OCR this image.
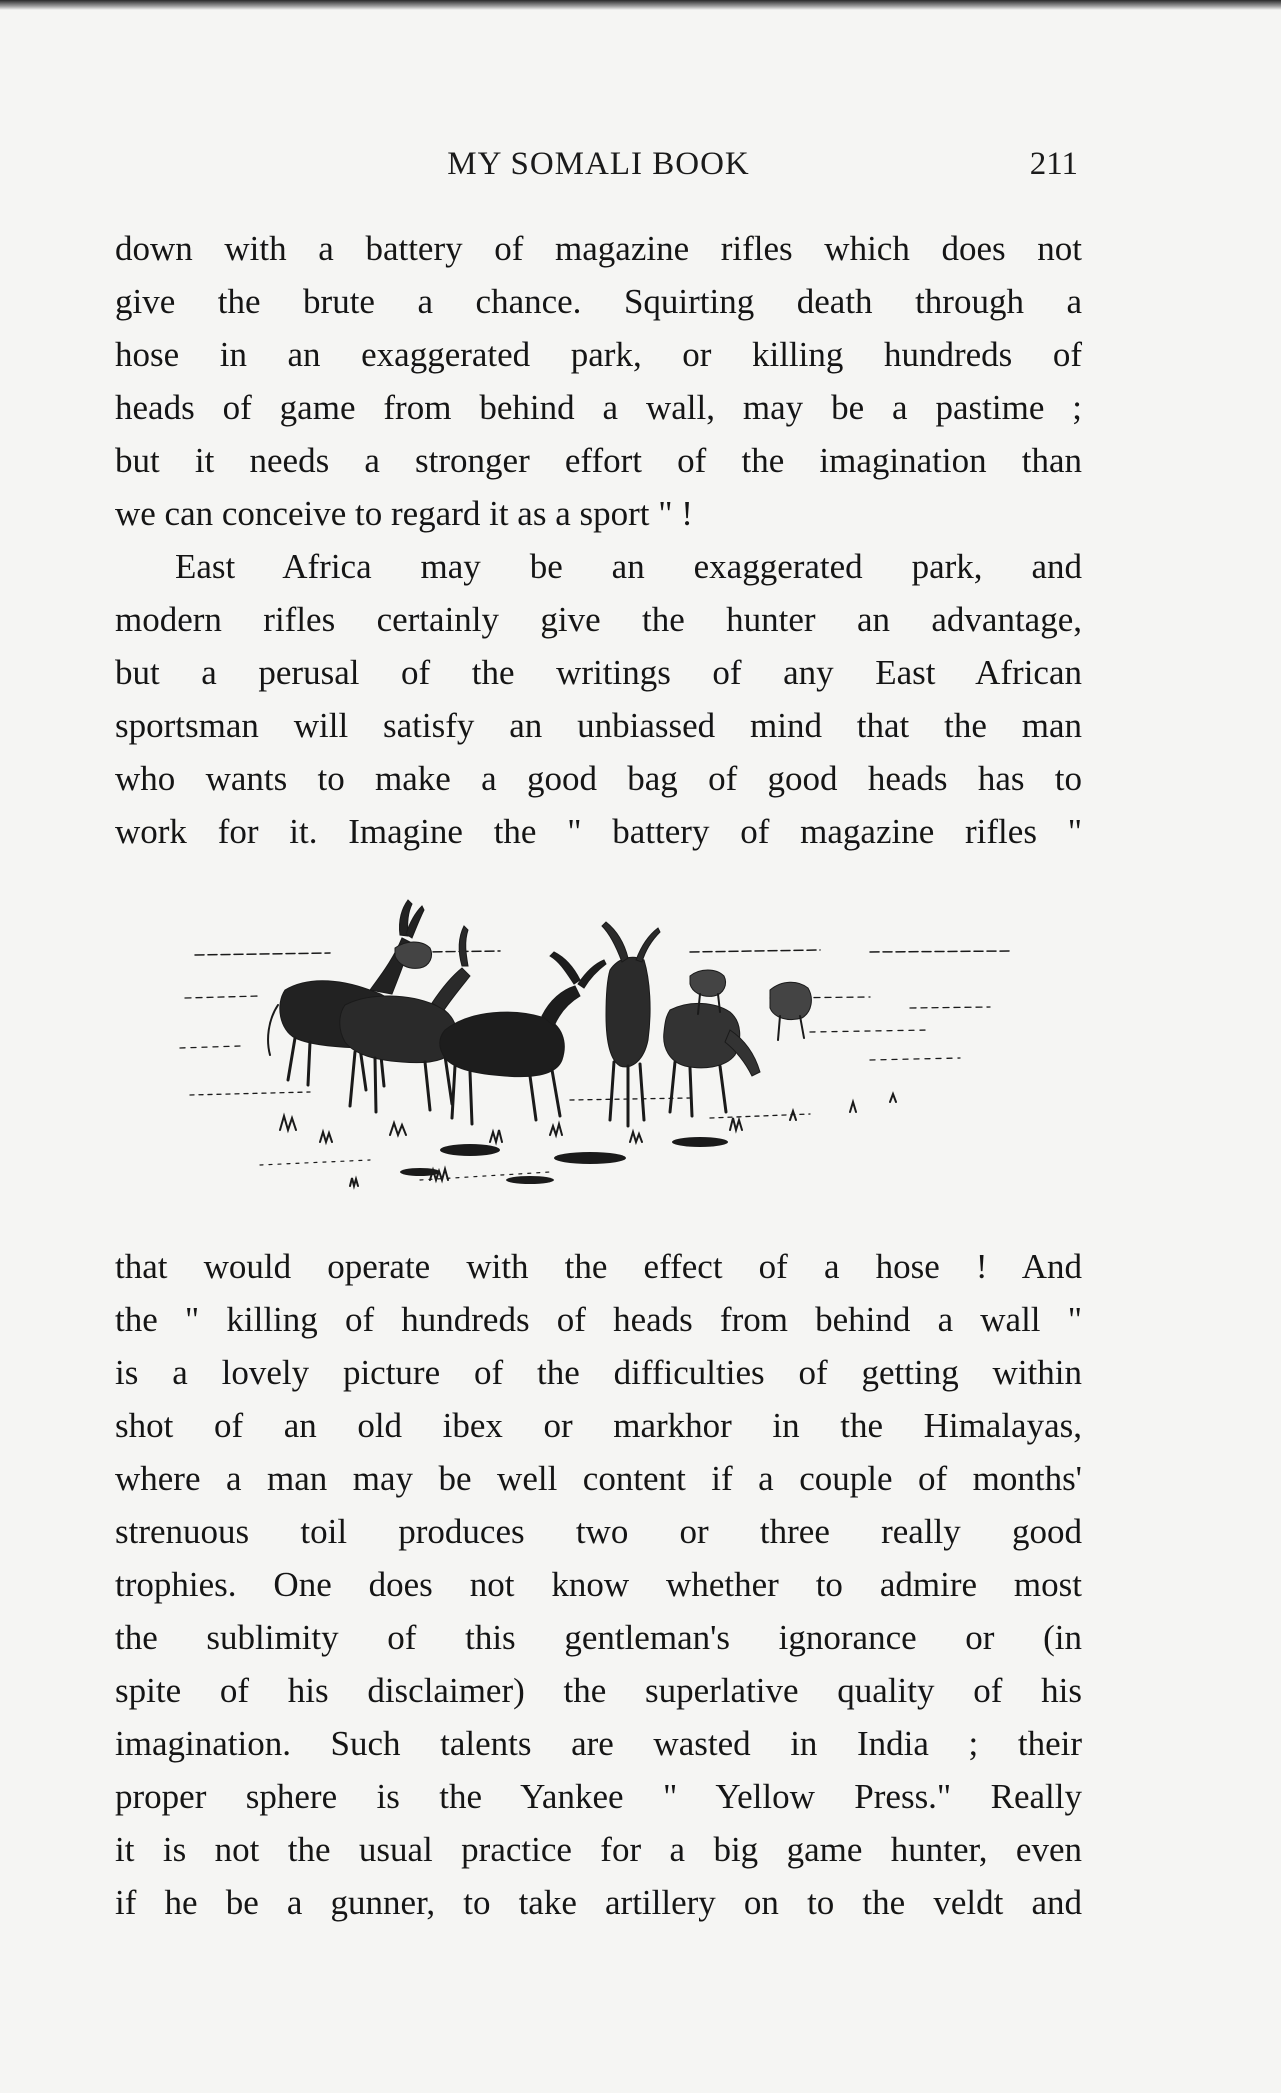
MY SOMALI BOOK	211
down with a battery of magazine rifles which does not
give the brute a chance. Squirting death through a
hose in an exaggerated park, or killing hundreds of
heads of game from behind a wall, may be a pastime ;
but it needs a stronger effort of the imagination than
we can conceive to regard it as a sport " !
East Africa may be an exaggerated park, and
modern rifles certainly give the hunter an advantage,
but a perusal of the writings of any East African
sportsman will satisfy an unbiassed mind that the man
who wants to make a good bag of good heads has to
work for it. Imagine the " battery of magazine rifles "
that would operate with the effect of a hose ! And
the " killing of hundreds of heads from behind a wall "
is a lovely picture of the difficulties of getting within
shot of an old ibex or markhor in the Himalayas,
where a man may be well content if a couple of months'
strenuous toil produces two or three really good
trophies. One does not know whether to admire most
the sublimity of this gentleman's ignorance or (in
spite of his disclaimer) the superlative quality of his
imagination. Such talents are wasted in India ; their
proper sphere is the Yankee " Yellow Press." Really
it is not the usual practice for a big game hunter, even
if he be a gunner, to take artillery on to the veldt and
